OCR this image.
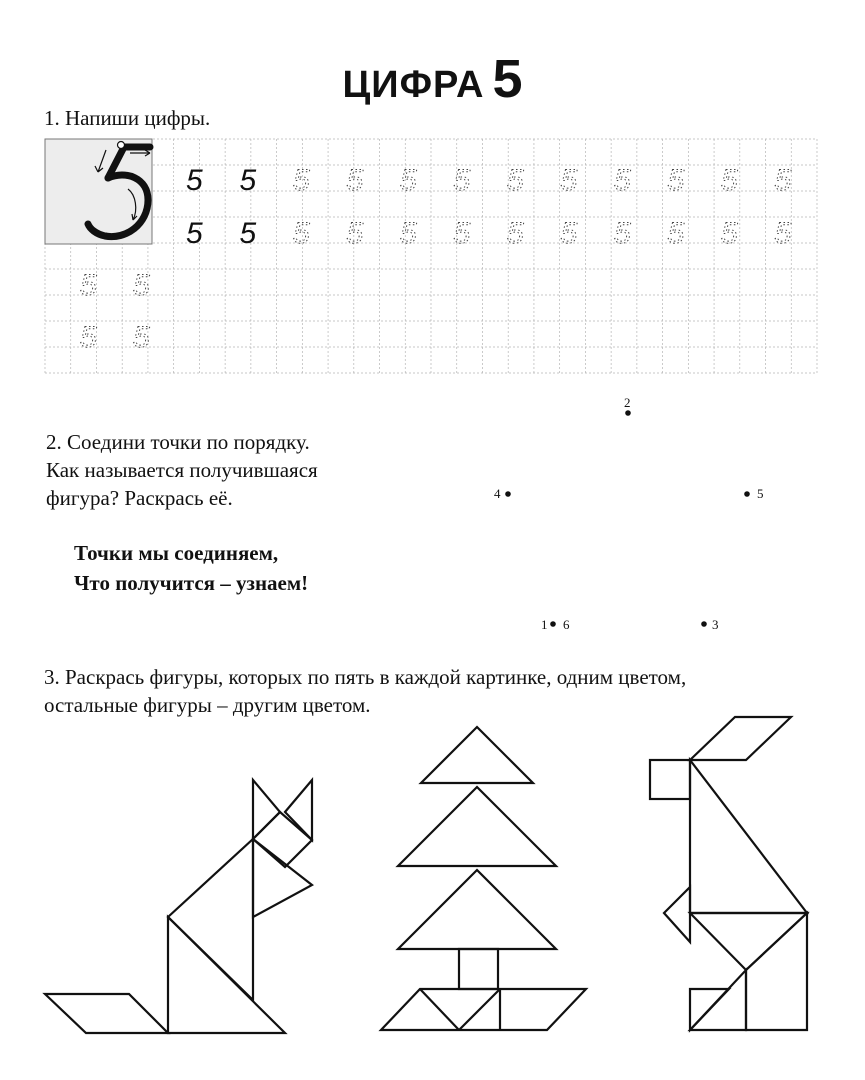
ЦИФРА 5
1. Напиши цифры.
5 5 5 5 5 5 5 5 5 5 5 5
5 5 5 5 5 5 5 5 5 5 5 5
5 5
5 5
2
4	5
1 6	3
2. Соедини точки по порядку.
Как называется получившаяся
фигура? Раскрась её.
Точки мы соединяем,
Что получится – узнаем!
3. Раскрась фигуры, которых по пять в каждой картинке, одним цветом,
остальные фигуры – другим цветом.
